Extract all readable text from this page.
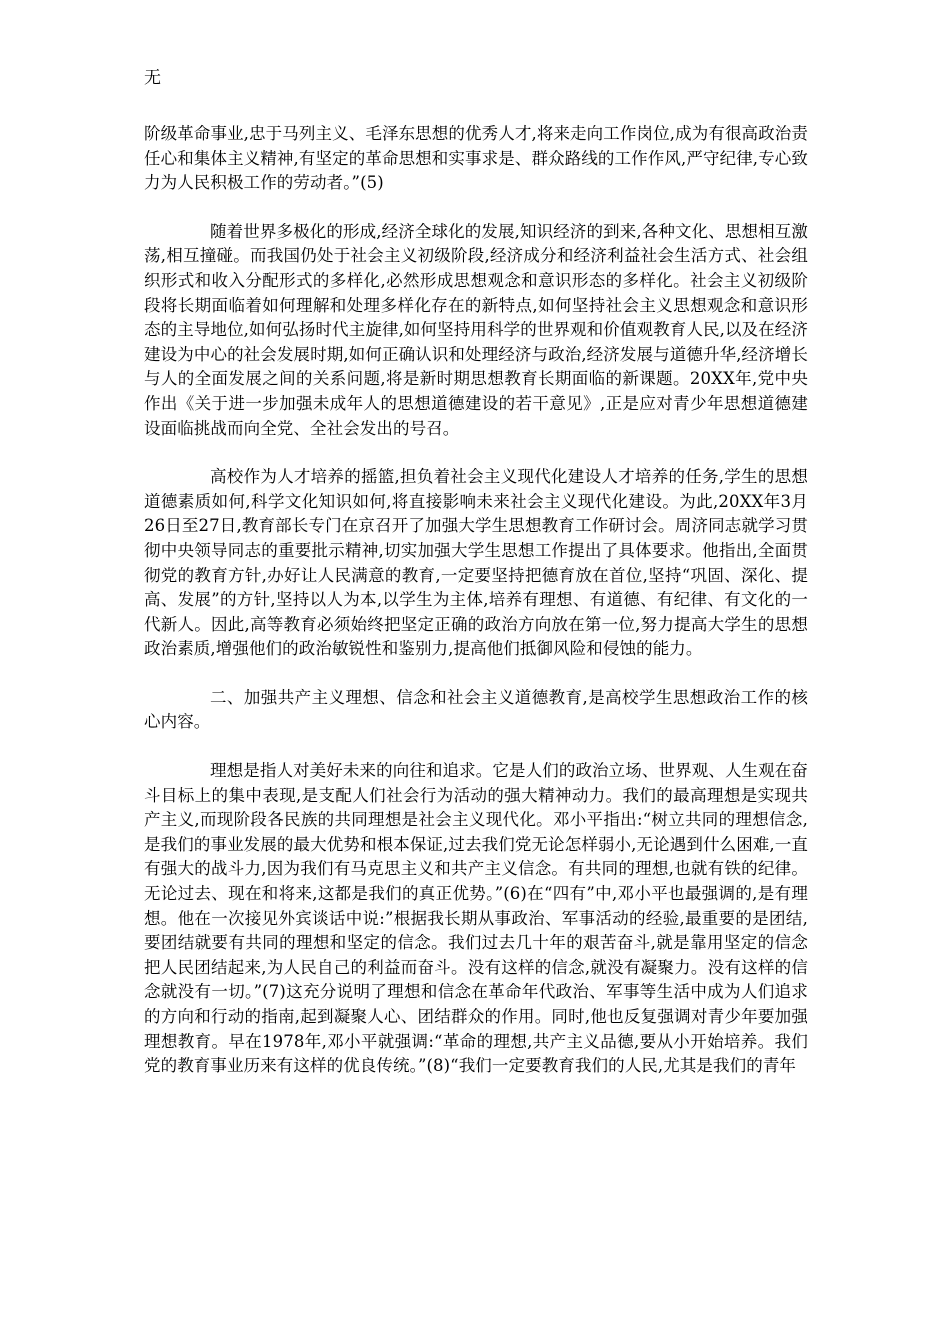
无

阶级革命事业,忠于马列主义、毛泽东思想的优秀人才,将来走向工作岗位,成为有很高政治责任心和集体主义精神,有坚定的革命思想和实事求是、群众路线的工作作风,严守纪律,专心致力为人民积极工作的劳动者。”(5)

随着世界多极化的形成,经济全球化的发展,知识经济的到来,各种文化、思想相互激荡,相互撞碰。而我国仍处于社会主义初级阶段,经济成分和经济利益社会生活方式、社会组织形式和收入分配形式的多样化,必然形成思想观念和意识形态的多样化。社会主义初级阶段将长期面临着如何理解和处理多样化存在的新特点,如何坚持社会主义思想观念和意识形态的主导地位,如何弘扬时代主旋律,如何坚持用科学的世界观和价值观教育人民,以及在经济建设为中心的社会发展时期,如何正确认识和处理经济与政治,经济发展与道德升华,经济增长与人的全面发展之间的关系问题,将是新时期思想教育长期面临的新课题。20XX年,党中央作出《关于进一步加强未成年人的思想道德建设的若干意见》,正是应对青少年思想道德建设面临挑战而向全党、全社会发出的号召。

高校作为人才培养的摇篮,担负着社会主义现代化建设人才培养的任务,学生的思想道德素质如何,科学文化知识如何,将直接影响未来社会主义现代化建设。为此,20XX年3月26日至27日,教育部长专门在京召开了加强大学生思想教育工作研讨会。周济同志就学习贯彻中央领导同志的重要批示精神,切实加强大学生思想工作提出了具体要求。他指出,全面贯彻党的教育方针,办好让人民满意的教育,一定要坚持把德育放在首位,坚持“巩固、深化、提高、发展”的方针,坚持以人为本,以学生为主体,培养有理想、有道德、有纪律、有文化的一代新人。因此,高等教育必须始终把坚定正确的政治方向放在第一位,努力提高大学生的思想政治素质,增强他们的政治敏锐性和鉴别力,提高他们抵御风险和侵蚀的能力。

二、加强共产主义理想、信念和社会主义道德教育,是高校学生思想政治工作的核心内容。

理想是指人对美好未来的向往和追求。它是人们的政治立场、世界观、人生观在奋斗目标上的集中表现,是支配人们社会行为活动的强大精神动力。我们的最高理想是实现共产主义,而现阶段各民族的共同理想是社会主义现代化。邓小平指出:“树立共同的理想信念,是我们的事业发展的最大优势和根本保证,过去我们党无论怎样弱小,无论遇到什么困难,一直有强大的战斗力,因为我们有马克思主义和共产主义信念。有共同的理想,也就有铁的纪律。无论过去、现在和将来,这都是我们的真正优势。”(6)在“四有”中,邓小平也最强调的,是有理想。他在一次接见外宾谈话中说:”根据我长期从事政治、军事活动的经验,最重要的是团结,要团结就要有共同的理想和坚定的信念。我们过去几十年的艰苦奋斗,就是靠用坚定的信念把人民团结起来,为人民自己的利益而奋斗。没有这样的信念,就没有凝聚力。没有这样的信念就没有一切。”(7)这充分说明了理想和信念在革命年代政治、军事等生活中成为人们追求的方向和行动的指南,起到凝聚人心、团结群众的作用。同时,他也反复强调对青少年要加强理想教育。早在1978年,邓小平就强调:“革命的理想,共产主义品德,要从小开始培养。我们党的教育事业历来有这样的优良传统。”(8)“我们一定要教育我们的人民,尤其是我们的青年
